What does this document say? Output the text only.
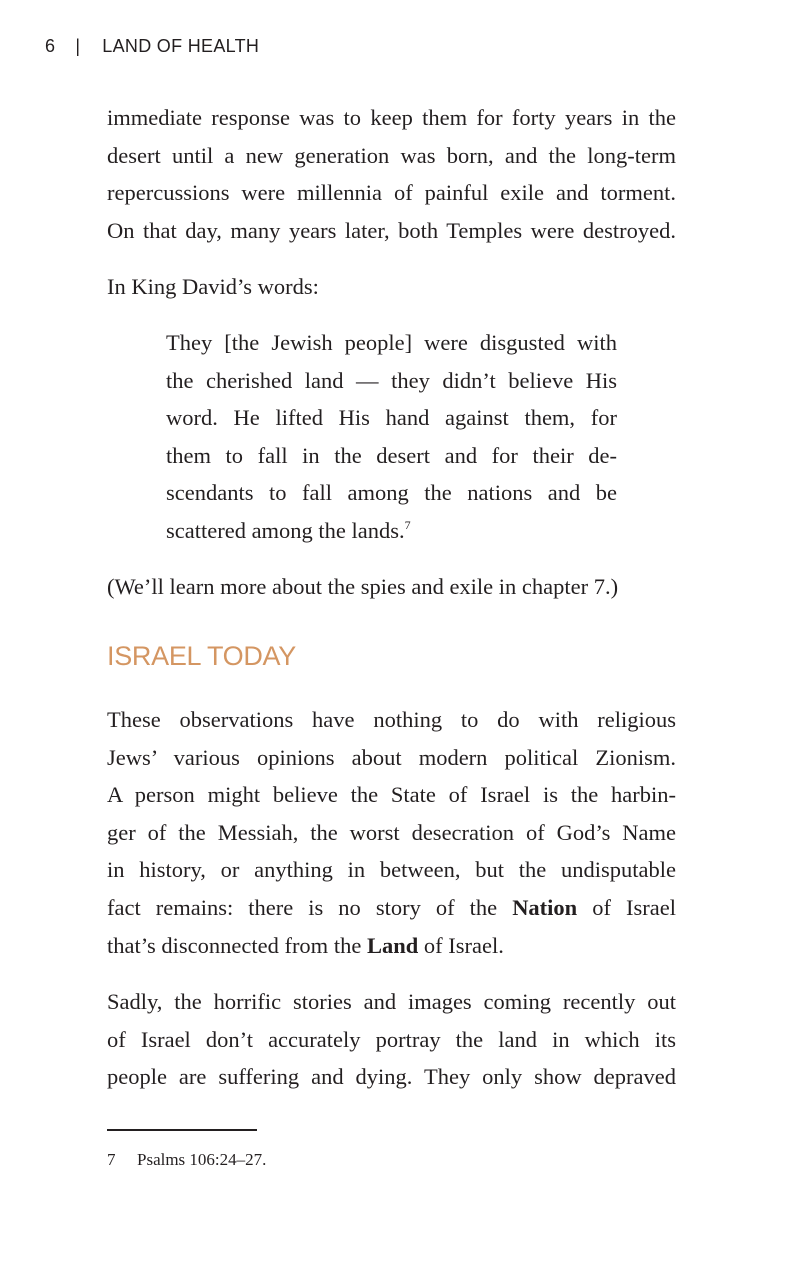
6 | LAND OF HEALTH
immediate response was to keep them for forty years in the
desert until a new generation was born, and the long-term
repercussions were millennia of painful exile and torment.
On that day, many years later, both Temples were destroyed.
In King David’s words:
They [the Jewish people] were disgusted with
the cherished land — they didn’t believe His
word. He lifted His hand against them, for
them to fall in the desert and for their de-
scendants to fall among the nations and be
scattered among the lands.$^7$
(We’ll learn more about the spies and exile in chapter 7.)
ISRAEL TODAY
These observations have nothing to do with religious
Jews’ various opinions about modern political Zionism.
A person might believe the State of Israel is the harbin-
ger of the Messiah, the worst desecration of God’s Name
in history, or anything in between, but the undisputable
fact remains: there is no story of the Nation of Israel
that’s disconnected from the Land of Israel.
Sadly, the horrific stories and images coming recently out
of Israel don’t accurately portray the land in which its
people are suffering and dying. They only show depraved
7 Psalms 106:24–27.
